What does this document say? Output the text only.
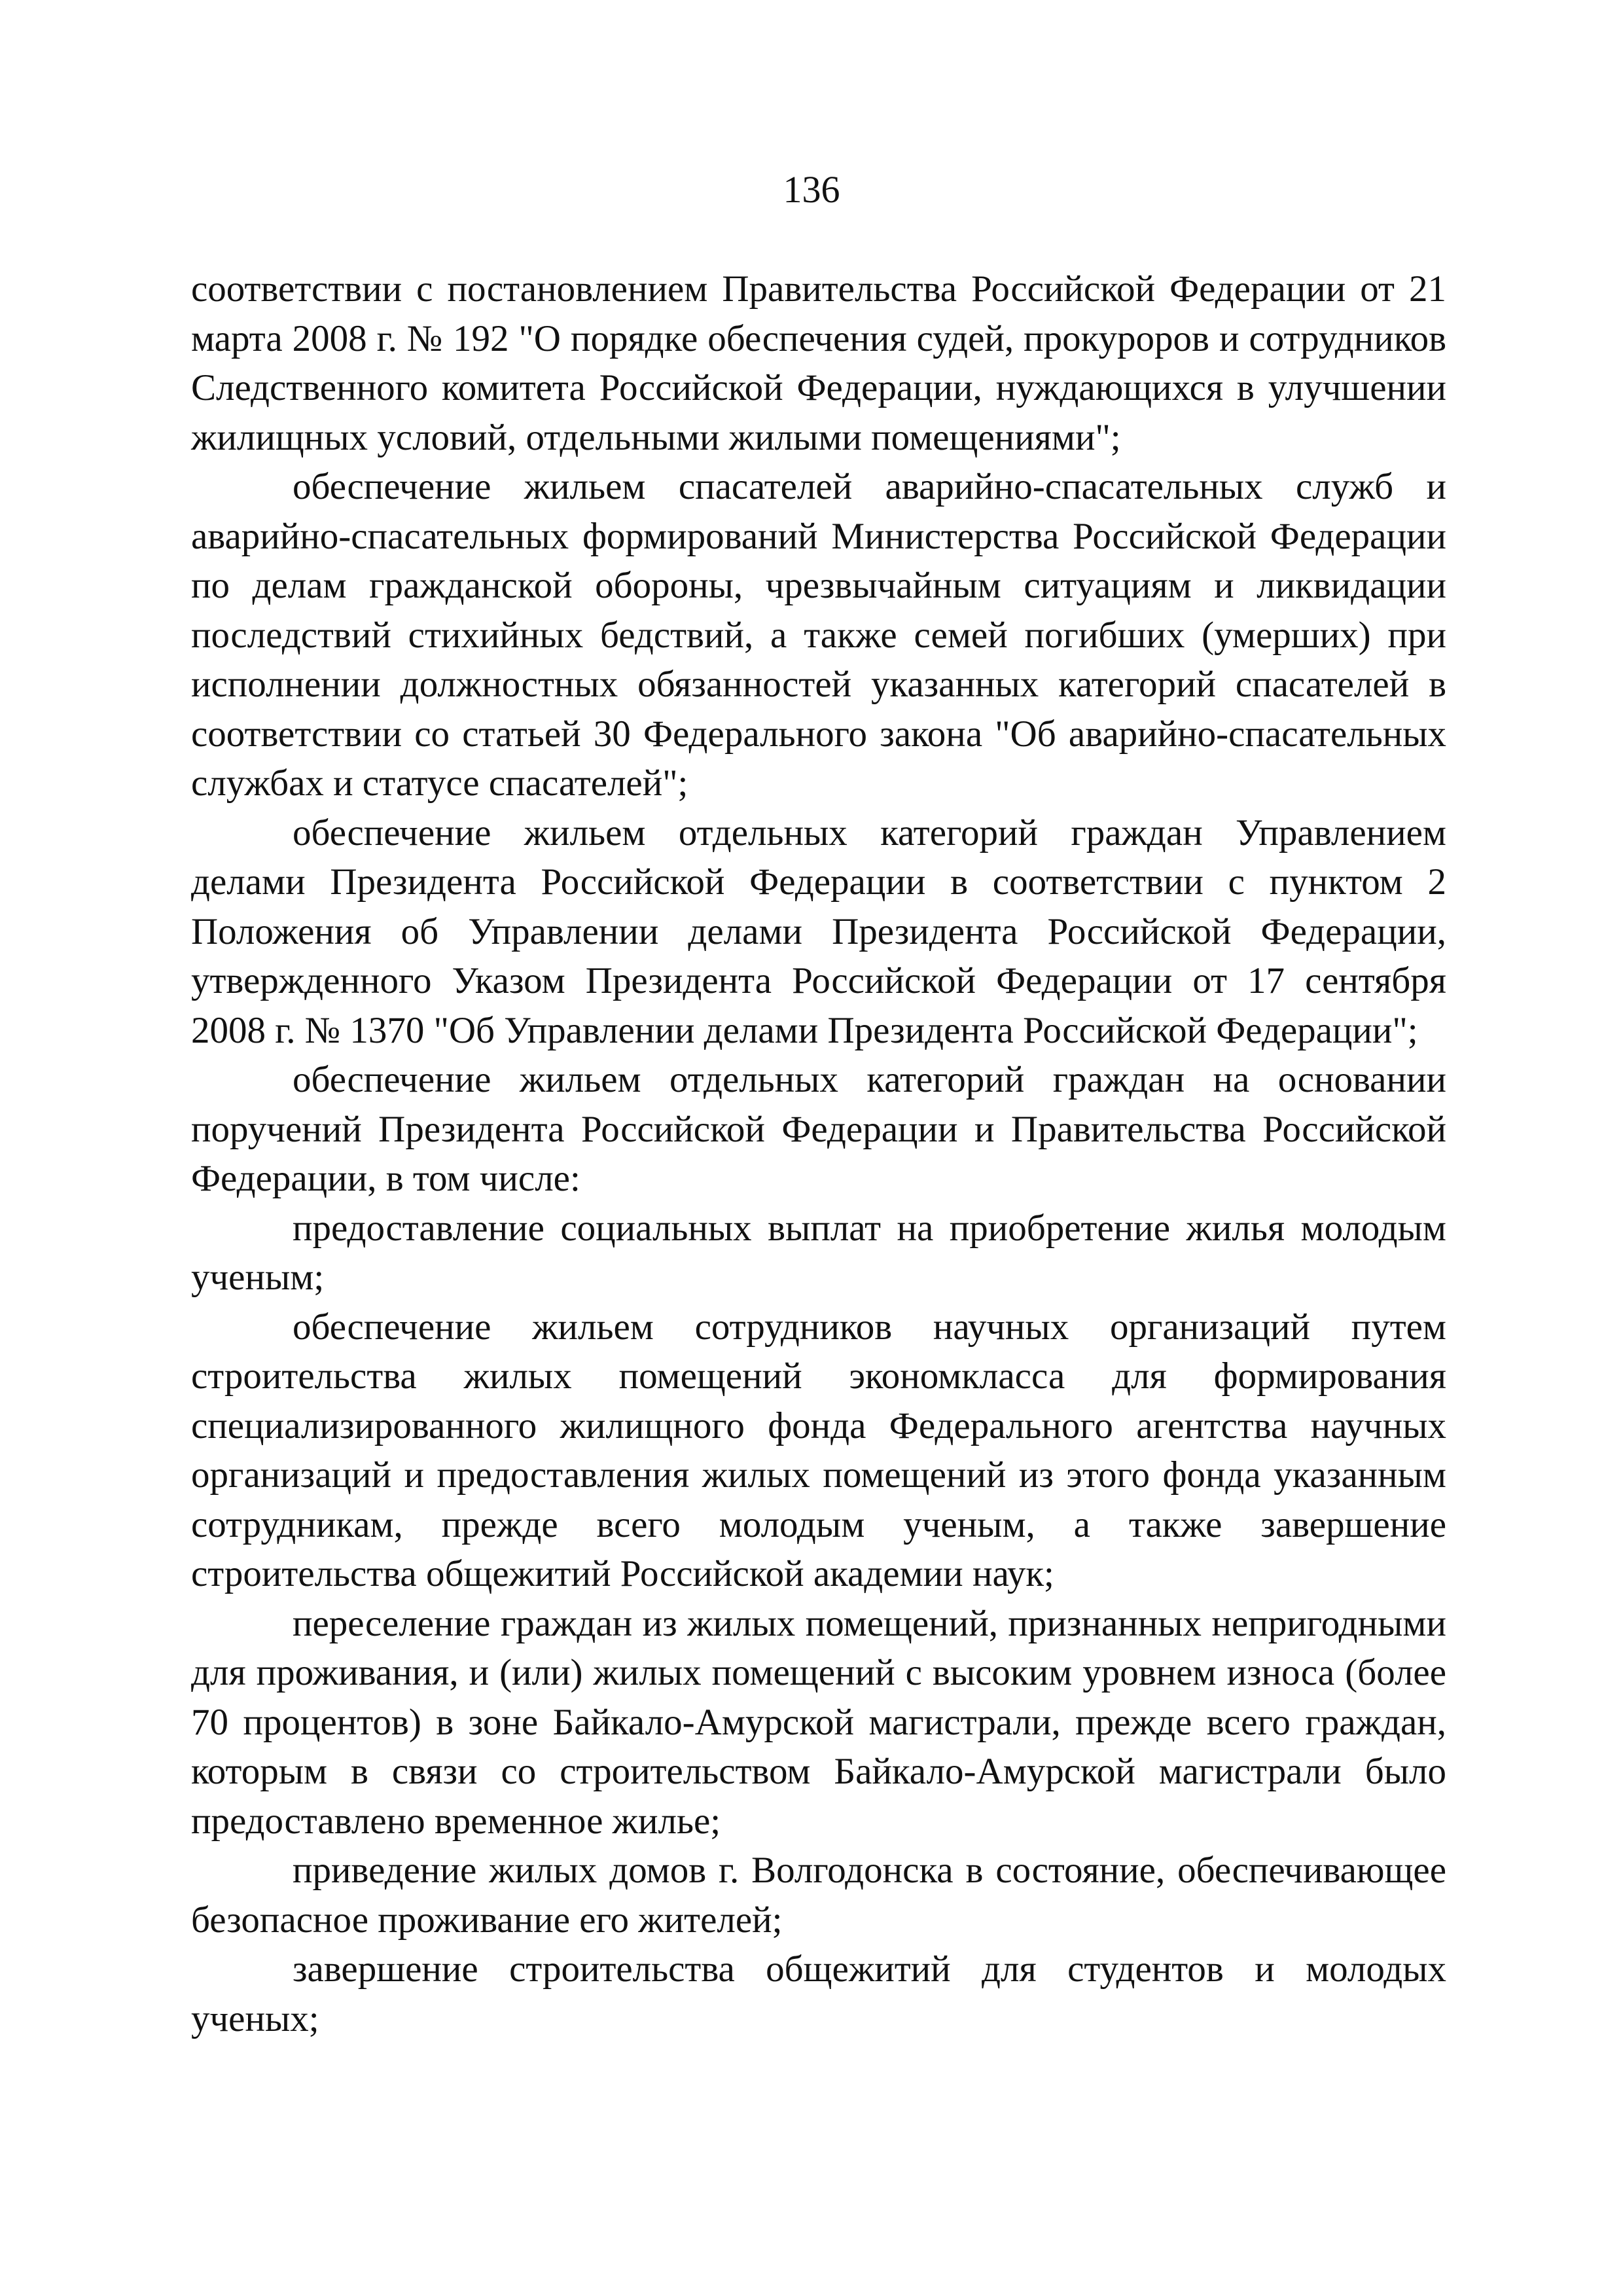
136

соответствии с постановлением Правительства Российской Федерации от 21 марта 2008 г. № 192 "О порядке обеспечения судей, прокуроров и сотрудников Следственного комитета Российской Федерации, нуждающихся в улучшении жилищных условий, отдельными жилыми помещениями";

обеспечение жильем спасателей аварийно-спасательных служб и аварийно-спасательных формирований Министерства Российской Федерации по делам гражданской обороны, чрезвычайным ситуациям и ликвидации последствий стихийных бедствий, а также семей погибших (умерших) при исполнении должностных обязанностей указанных категорий спасателей в соответствии со статьей 30 Федерального закона "Об аварийно-спасательных службах и статусе спасателей";

обеспечение жильем отдельных категорий граждан Управлением делами Президента Российской Федерации в соответствии с пунктом 2 Положения об Управлении делами Президента Российской Федерации, утвержденного Указом Президента Российской Федерации от 17 сентября 2008 г. № 1370 "Об Управлении делами Президента Российской Федерации";

обеспечение жильем отдельных категорий граждан на основании поручений Президента Российской Федерации и Правительства Российской Федерации, в том числе:

предоставление социальных выплат на приобретение жилья молодым ученым;

обеспечение жильем сотрудников научных организаций путем строительства жилых помещений экономкласса для формирования специализированного жилищного фонда Федерального агентства научных организаций и предоставления жилых помещений из этого фонда указанным сотрудникам, прежде всего молодым ученым, а также завершение строительства общежитий Российской академии наук;

переселение граждан из жилых помещений, признанных непригодными для проживания, и (или) жилых помещений с высоким уровнем износа (более 70 процентов) в зоне Байкало-Амурской магистрали, прежде всего граждан, которым в связи со строительством Байкало-Амурской магистрали было предоставлено временное жилье;

приведение жилых домов г. Волгодонска в состояние, обеспечивающее безопасное проживание его жителей;

завершение строительства общежитий для студентов и молодых ученых;
